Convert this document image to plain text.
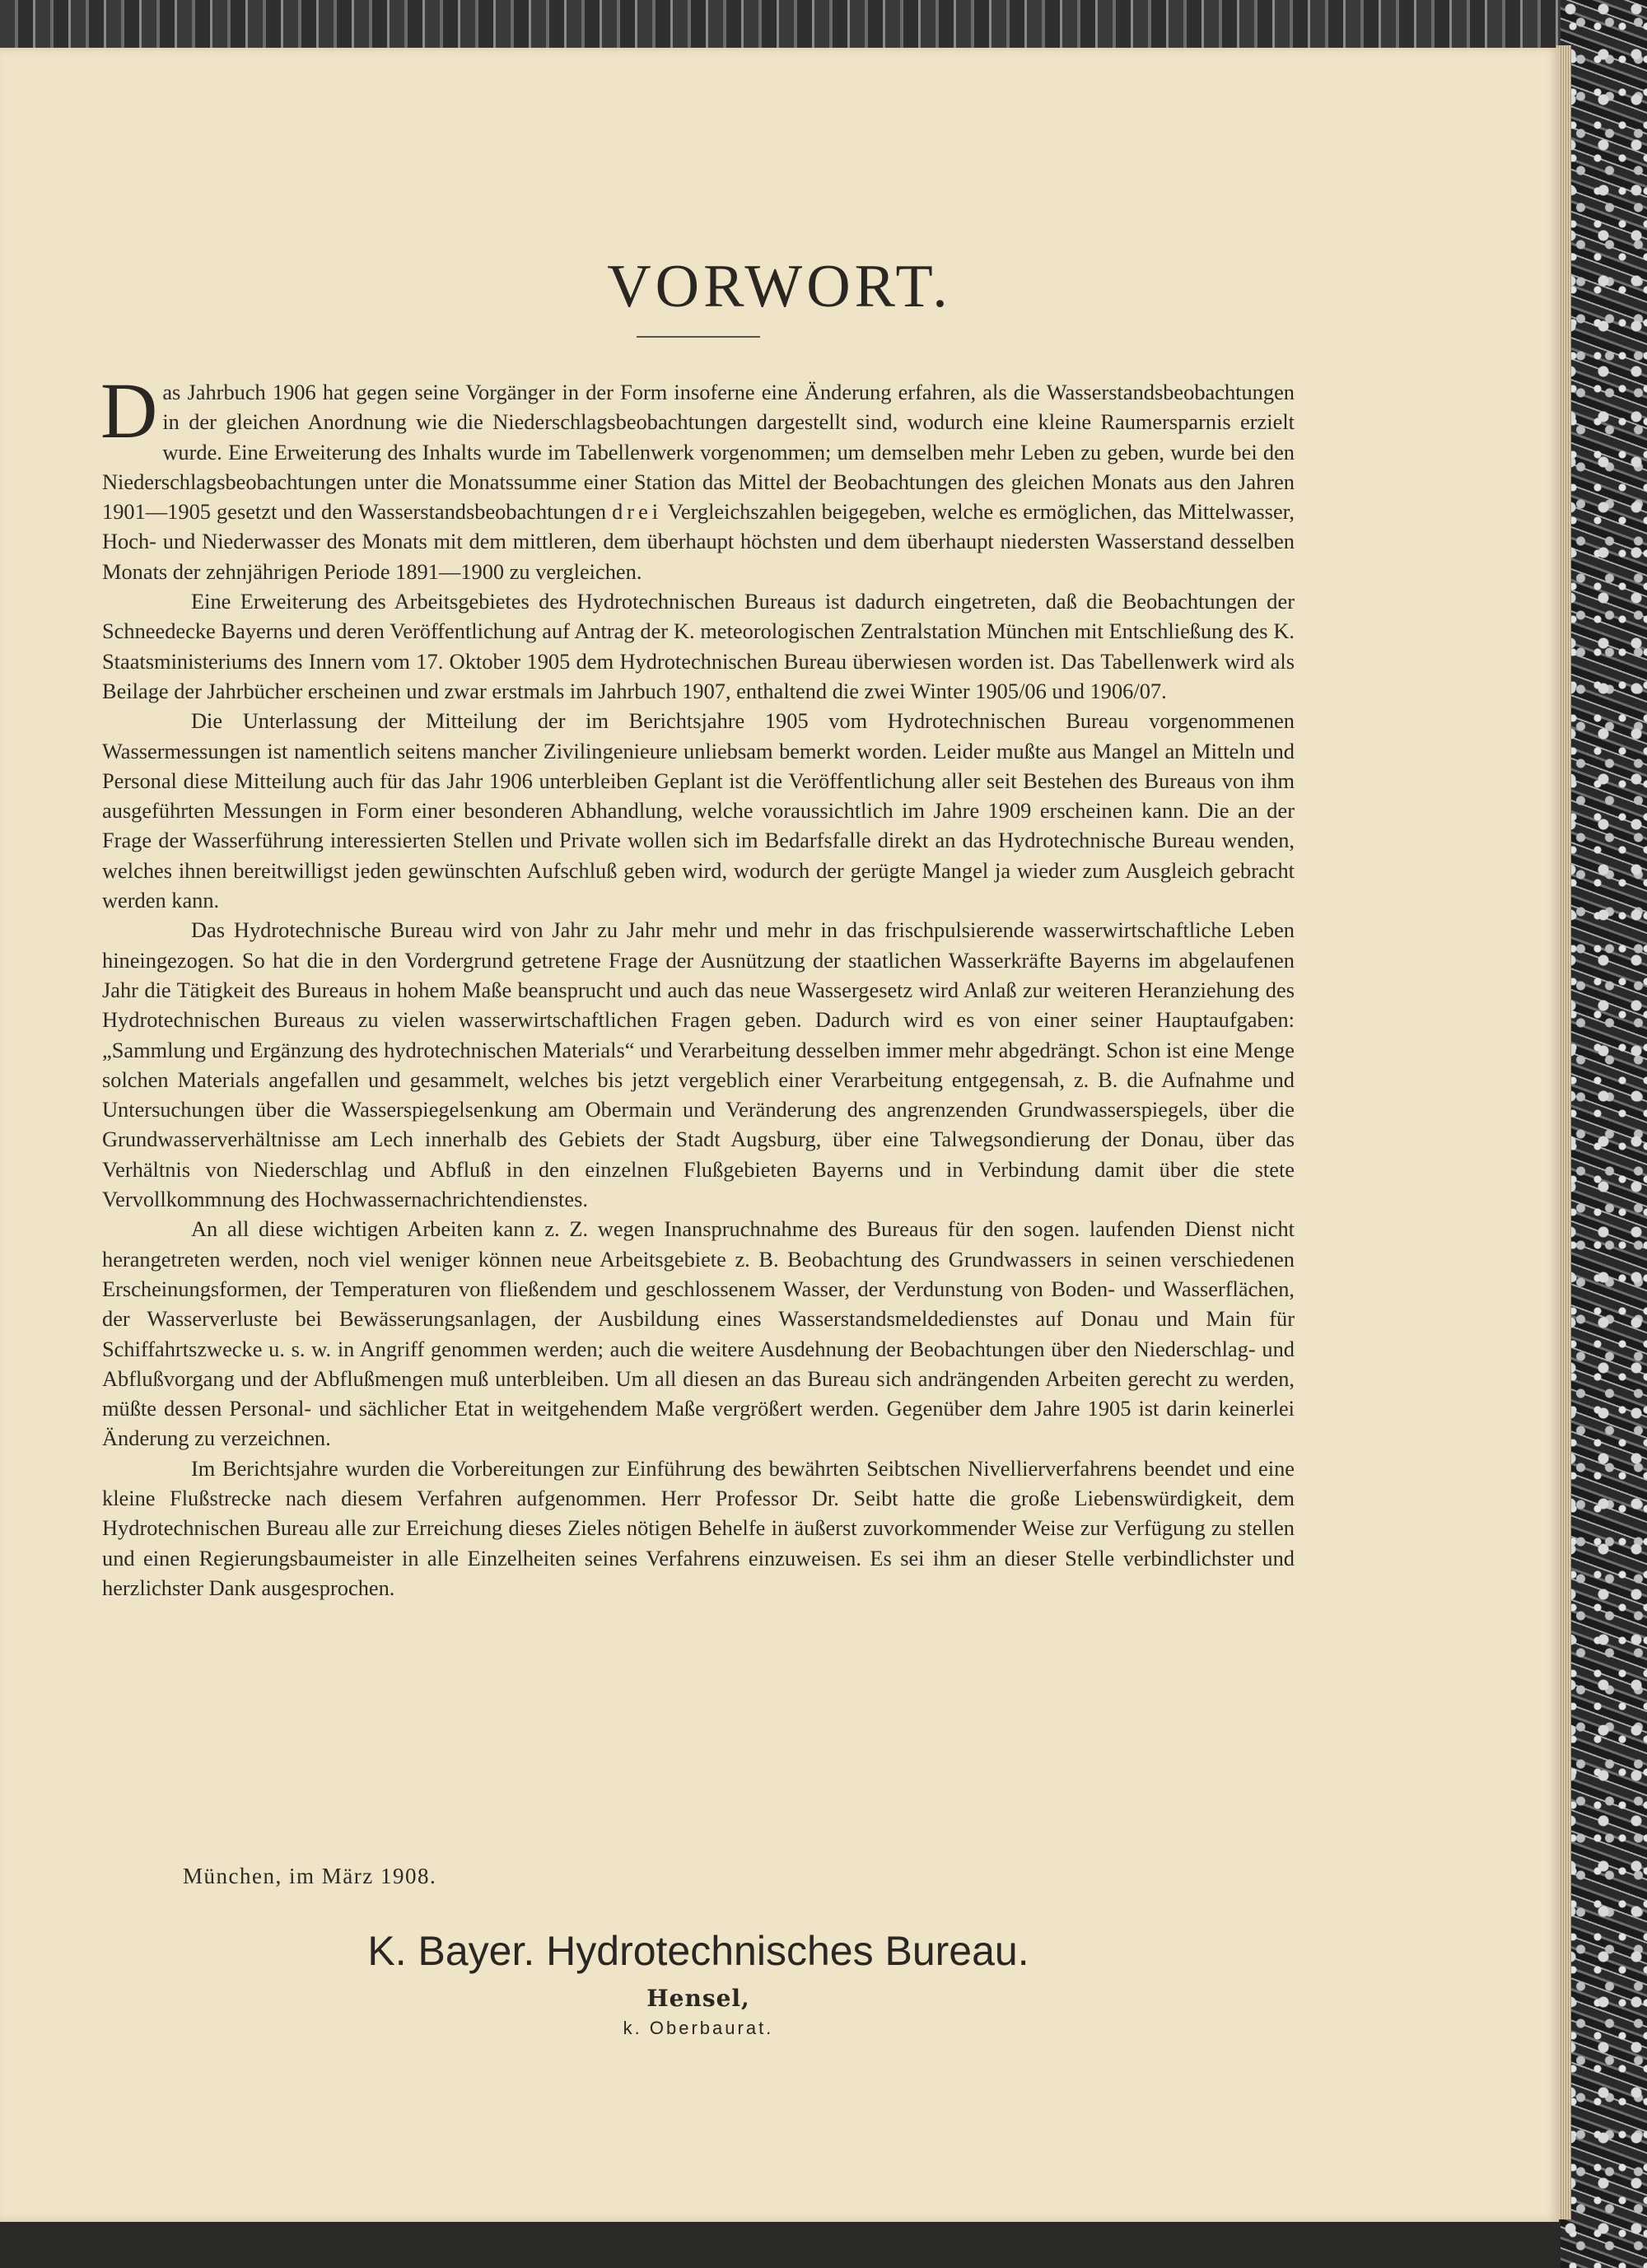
VORWORT.

Das Jahrbuch 1906 hat gegen seine Vorgänger in der Form insoferne eine Änderung erfahren, als die Wasserstandsbeobachtungen in der gleichen Anordnung wie die Niederschlagsbeobachtungen dargestellt sind, wodurch eine kleine Raumersparnis erzielt wurde. Eine Erweiterung des Inhalts wurde im Tabellenwerk vorgenommen; um demselben mehr Leben zu geben, wurde bei den Niederschlagsbeobachtungen unter die Monatssumme einer Station das Mittel der Beobachtungen des gleichen Monats aus den Jahren 1901—1905 gesetzt und den Wasserstandsbeobachtungen drei Vergleichszahlen beigegeben, welche es ermöglichen, das Mittelwasser, Hoch- und Niederwasser des Monats mit dem mittleren, dem überhaupt höchsten und dem überhaupt niedersten Wasserstand desselben Monats der zehnjährigen Periode 1891—1900 zu vergleichen.

Eine Erweiterung des Arbeitsgebietes des Hydrotechnischen Bureaus ist dadurch eingetreten, daß die Beobachtungen der Schneedecke Bayerns und deren Veröffentlichung auf Antrag der K. meteorologischen Zentralstation München mit Entschließung des K. Staatsministeriums des Innern vom 17. Oktober 1905 dem Hydrotechnischen Bureau überwiesen worden ist. Das Tabellenwerk wird als Beilage der Jahrbücher erscheinen und zwar erstmals im Jahrbuch 1907, enthaltend die zwei Winter 1905/06 und 1906/07.

Die Unterlassung der Mitteilung der im Berichtsjahre 1905 vom Hydrotechnischen Bureau vorgenommenen Wassermessungen ist namentlich seitens mancher Zivilingenieure unliebsam bemerkt worden. Leider mußte aus Mangel an Mitteln und Personal diese Mitteilung auch für das Jahr 1906 unterbleiben Geplant ist die Veröffentlichung aller seit Bestehen des Bureaus von ihm ausgeführten Messungen in Form einer besonderen Abhandlung, welche voraussichtlich im Jahre 1909 erscheinen kann. Die an der Frage der Wasserführung interessierten Stellen und Private wollen sich im Bedarfsfalle direkt an das Hydrotechnische Bureau wenden, welches ihnen bereitwilligst jeden gewünschten Aufschluß geben wird, wodurch der gerügte Mangel ja wieder zum Ausgleich gebracht werden kann.

Das Hydrotechnische Bureau wird von Jahr zu Jahr mehr und mehr in das frischpulsierende wasserwirtschaftliche Leben hineingezogen. So hat die in den Vordergrund getretene Frage der Ausnützung der staatlichen Wasserkräfte Bayerns im abgelaufenen Jahr die Tätigkeit des Bureaus in hohem Maße beansprucht und auch das neue Wassergesetz wird Anlaß zur weiteren Heranziehung des Hydrotechnischen Bureaus zu vielen wasserwirtschaftlichen Fragen geben. Dadurch wird es von einer seiner Hauptaufgaben: „Sammlung und Ergänzung des hydrotechnischen Materials“ und Verarbeitung desselben immer mehr abgedrängt. Schon ist eine Menge solchen Materials angefallen und gesammelt, welches bis jetzt vergeblich einer Verarbeitung entgegensah, z. B. die Aufnahme und Untersuchungen über die Wasserspiegelsenkung am Obermain und Veränderung des angrenzenden Grundwasserspiegels, über die Grundwasserverhältnisse am Lech innerhalb des Gebiets der Stadt Augsburg, über eine Talwegsondierung der Donau, über das Verhältnis von Niederschlag und Abfluß in den einzelnen Flußgebieten Bayerns und in Verbindung damit über die stete Vervollkommnung des Hochwassernachrichtendienstes.

An all diese wichtigen Arbeiten kann z. Z. wegen Inanspruchnahme des Bureaus für den sogen. laufenden Dienst nicht herangetreten werden, noch viel weniger können neue Arbeitsgebiete z. B. Beobachtung des Grundwassers in seinen verschiedenen Erscheinungsformen, der Temperaturen von fließendem und geschlossenem Wasser, der Verdunstung von Boden- und Wasserflächen, der Wasserverluste bei Bewässerungsanlagen, der Ausbildung eines Wasserstandsmeldedienstes auf Donau und Main für Schiffahrtszwecke u. s. w. in Angriff genommen werden; auch die weitere Ausdehnung der Beobachtungen über den Niederschlag- und Abflußvorgang und der Abflußmengen muß unterbleiben. Um all diesen an das Bureau sich andrängenden Arbeiten gerecht zu werden, müßte dessen Personal- und sächlicher Etat in weitgehendem Maße vergrößert werden. Gegenüber dem Jahre 1905 ist darin keinerlei Änderung zu verzeichnen.

Im Berichtsjahre wurden die Vorbereitungen zur Einführung des bewährten Seibtschen Nivellierverfahrens beendet und eine kleine Flußstrecke nach diesem Verfahren aufgenommen. Herr Professor Dr. Seibt hatte die große Liebenswürdigkeit, dem Hydrotechnischen Bureau alle zur Erreichung dieses Zieles nötigen Behelfe in äußerst zuvorkommender Weise zur Verfügung zu stellen und einen Regierungsbaumeister in alle Einzelheiten seines Verfahrens einzuweisen. Es sei ihm an dieser Stelle verbindlichster und herzlichster Dank ausgesprochen.

München, im März 1908.
K. Bayer. Hydrotechnisches Bureau.
Hensel,
k. Oberbaurat.
